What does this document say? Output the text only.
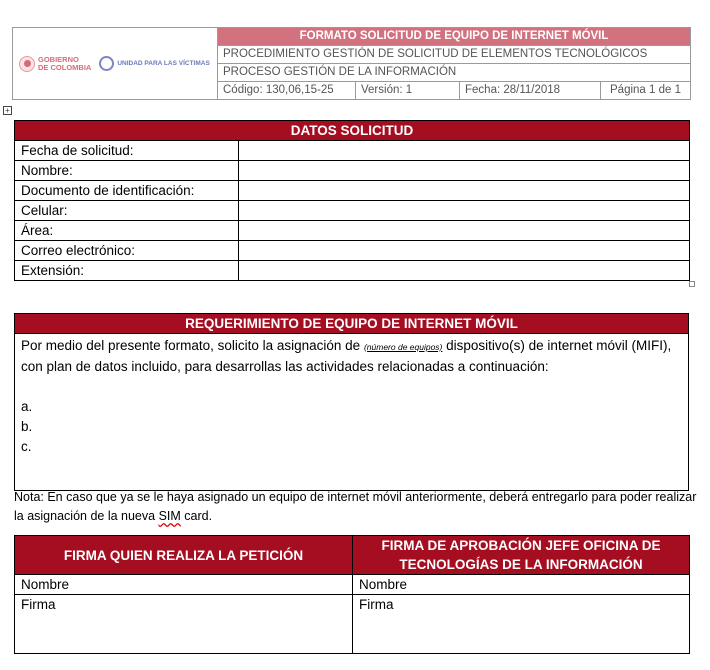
GOBIERNO
DE COLOMBIA UNIDAD PARA LAS VÍCTIMAS	FORMATO SOLICITUD DE EQUIPO DE INTERNET MÓVIL			
	PROCEDIMIENTO GESTIÓN DE SOLICITUD DE ELEMENTOS TECNOLÓGICOS			
	PROCESO GESTIÓN DE LA INFORMACIÓN			
	Código: 130,06,15-25	Versión: 1	Fecha: 28/11/2018	Página 1 de 1
+
DATOS SOLICITUD	
Fecha de solicitud:	
Nombre:	
Documento de identificación:	
Celular:	
Área:	
Correo electrónico:	
Extensión:	
REQUERIMIENTO DE EQUIPO DE INTERNET MÓVIL
Por medio del presente formato, solicito la asignación de (número de equipos) dispositivo(s) de internet móvil (MIFI), con plan de datos incluido, para desarrollas las actividades relacionadas a continuación:
a.
b.
c.
Nota: En caso que ya se le haya asignado un equipo de internet móvil anteriormente, deberá entregarlo para poder realizar la asignación de la nueva SIM card.
FIRMA QUIEN REALIZA LA PETICIÓN	FIRMA DE APROBACIÓN JEFE OFICINA DE TECNOLOGÍAS DE LA INFORMACIÓN
Nombre	Nombre
Firma	Firma
